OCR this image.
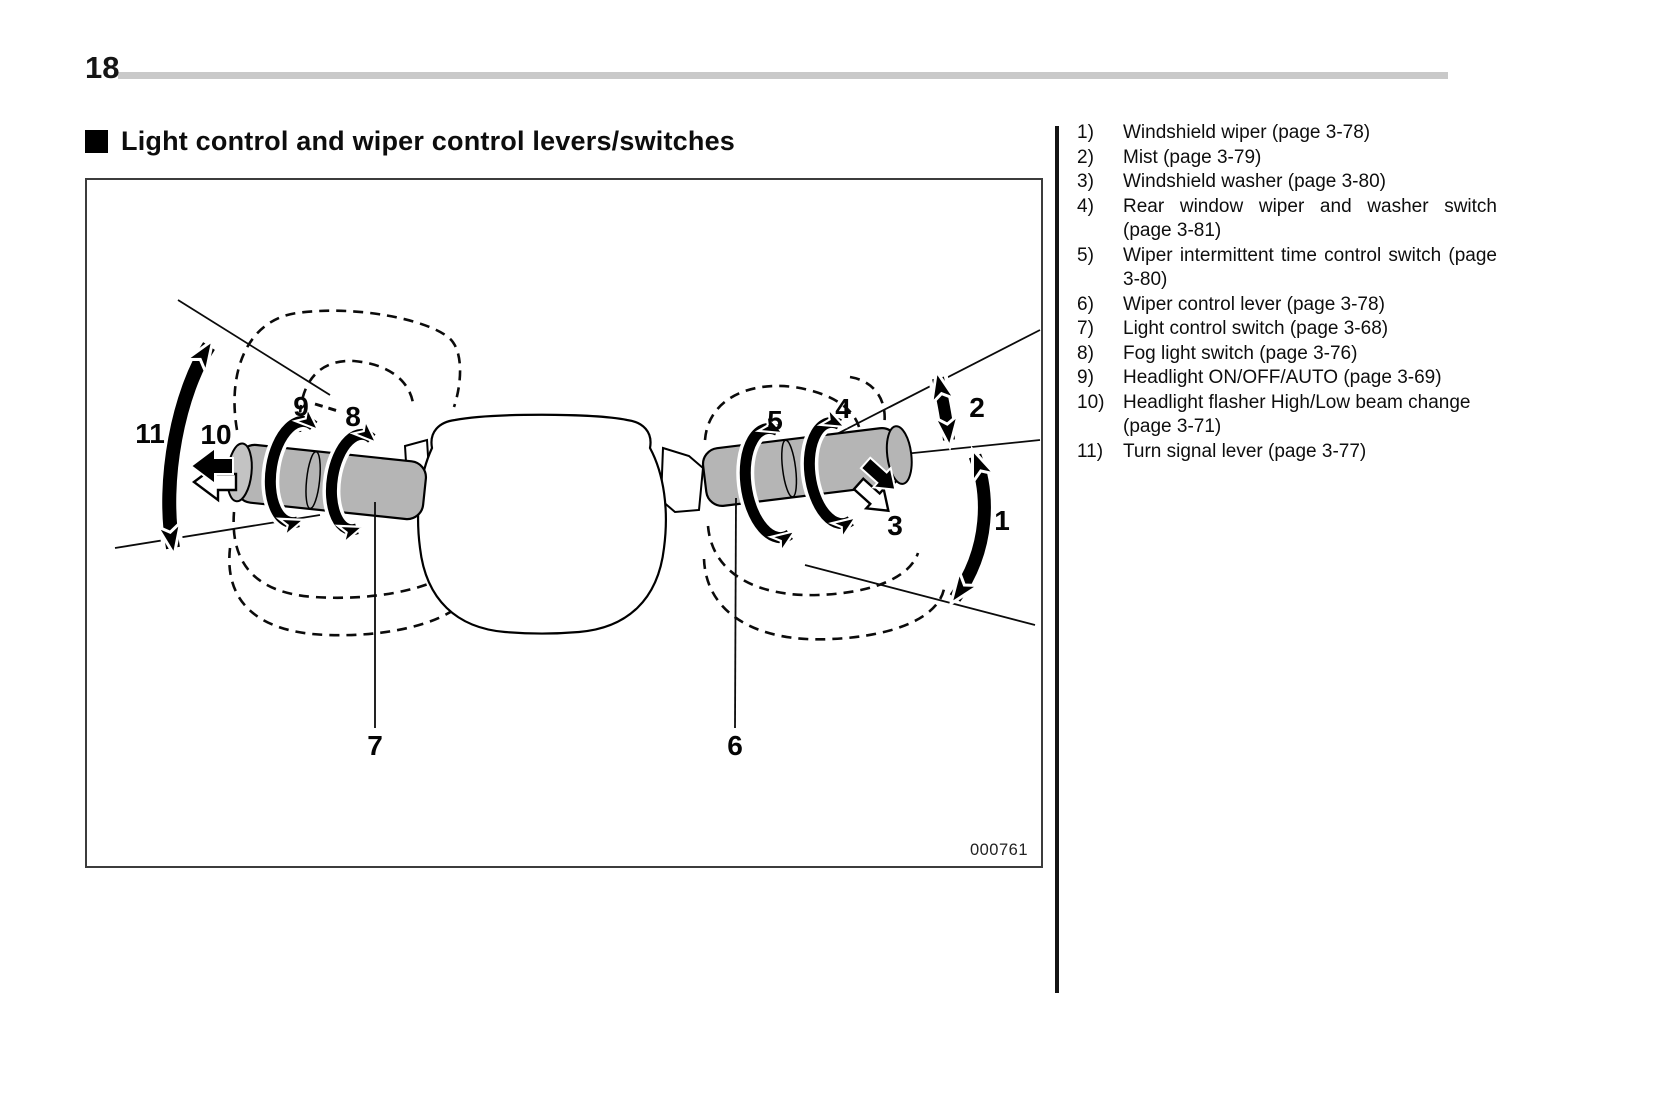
18
Light control and wiper control levers/switches
1
2
3
4
5
6
7
8
9
10
11
000761
1)	Windshield wiper (page 3-78)
2)	Mist (page 3-79)
3)	Windshield washer (page 3-80)
4)	Rear window wiper and washer switch (page 3-81)
5)	Wiper intermittent time control switch (page 3-80)
6)	Wiper control lever (page 3-78)
7)	Light control switch (page 3-68)
8)	Fog light switch (page 3-76)
9)	Headlight ON/OFF/AUTO (page 3-69)
10) Headlight flasher High/Low beam change (page 3-71)
11)	Turn signal lever (page 3-77)
